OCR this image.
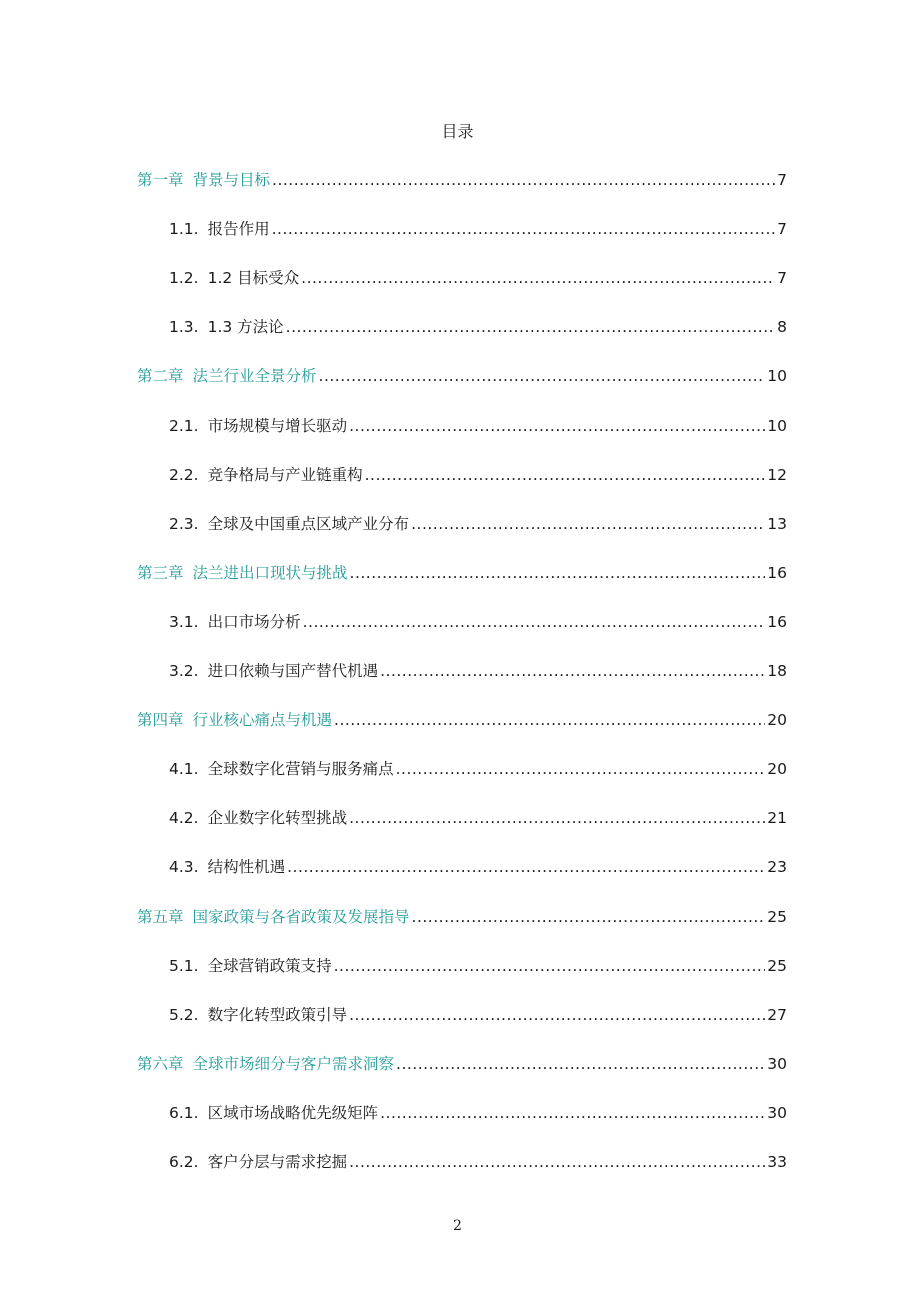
目录
第一章 背景与目标 .....	7
1.1. 报告作用 .....	7
1.2. 1.2 目标受众 .....	7
1.3. 1.3 方法论 .....	8
第二章 法兰行业全景分析 .....	10
2.1. 市场规模与增长驱动 .....	10
2.2. 竞争格局与产业链重构 .....	12
2.3. 全球及中国重点区域产业分布 .....	13
第三章 法兰进出口现状与挑战 .....	16
3.1. 出口市场分析 .....	16
3.2. 进口依赖与国产替代机遇 .....	18
第四章 行业核心痛点与机遇 .....	20
4.1. 全球数字化营销与服务痛点 .....	20
4.2. 企业数字化转型挑战 .....	21
4.3. 结构性机遇 .....	23
第五章 国家政策与各省政策及发展指导 .....	25
5.1. 全球营销政策支持 .....	25
5.2. 数字化转型政策引导 .....	27
第六章 全球市场细分与客户需求洞察 .....	30
6.1. 区域市场战略优先级矩阵 .....	30
6.2. 客户分层与需求挖掘 .....	33
2
